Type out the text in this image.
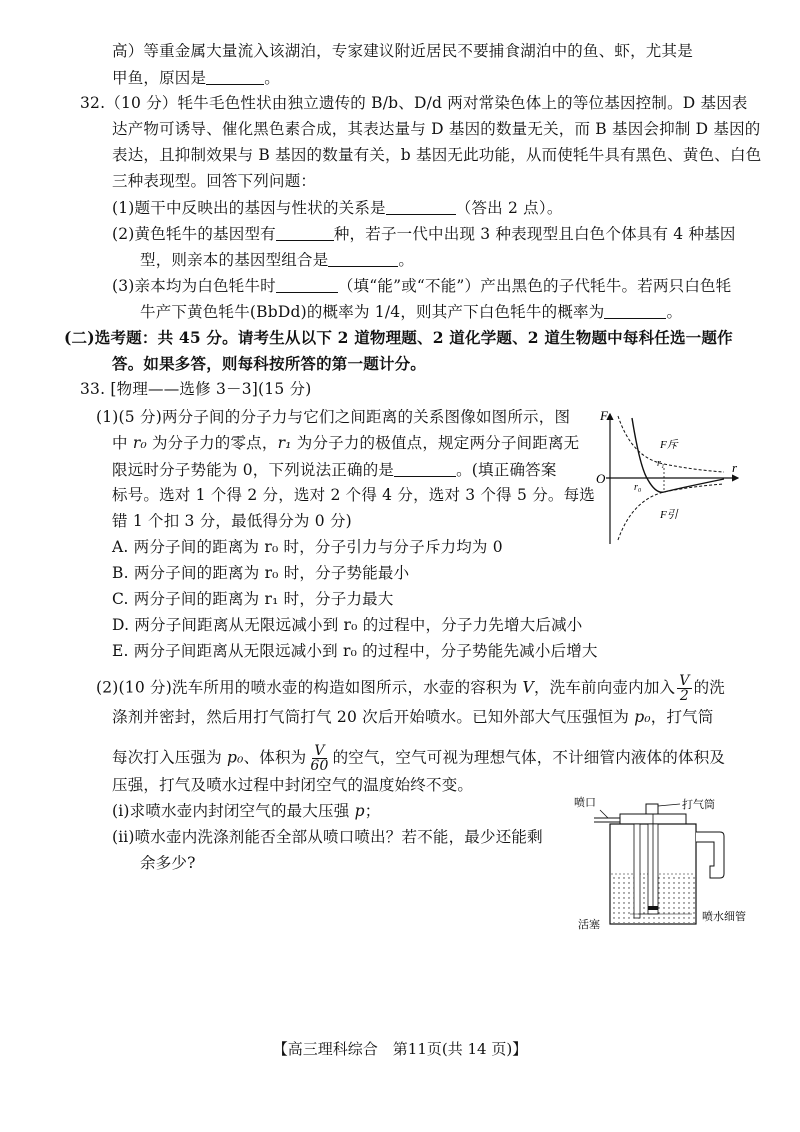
高）等重金属大量流入该湖泊，专家建议附近居民不要捕食湖泊中的鱼、虾，尤其是
甲鱼，原因是	。
32.（10 分）牦牛毛色性状由独立遗传的 B/b、D/d 两对常染色体上的等位基因控制。D 基因表
达产物可诱导、催化黑色素合成，其表达量与 D 基因的数量无关，而 B 基因会抑制 D 基因的
表达，且抑制效果与 B 基因的数量有关，b 基因无此功能，从而使牦牛具有黑色、黄色、白色
三种表现型。回答下列问题：
(1)题干中反映出的基因与性状的关系是	（答出 2 点）。
(2)黄色牦牛的基因型有	种，若子一代中出现 3 种表现型且白色个体具有 4 种基因
型，则亲本的基因型组合是	。
(3)亲本均为白色牦牛时	（填“能”或“不能”）产出黑色的子代牦牛。若两只白色牦
牛产下黄色牦牛(BbDd)的概率为 1/4，则其产下白色牦牛的概率为	。
(二)选考题：共 45 分。请考生从以下 2 道物理题、2 道化学题、2 道生物题中每科任选一题作
答。如果多答，则每科按所答的第一题计分。
33. [物理——选修 3－3](15 分)
(1)(5 分)两分子间的分子力与它们之间距离的关系图像如图所示，图
中 r₀ 为分子力的零点，r₁ 为分子力的极值点，规定两分子间距离无
限远时分子势能为 0，下列说法正确的是	。(填正确答案
标号。选对 1 个得 2 分，选对 2 个得 4 分，选对 3 个得 5 分。每选
错 1 个扣 3 分，最低得分为 0 分)
A. 两分子间的距离为 r₀ 时，分子引力与分子斥力均为 0
B. 两分子间的距离为 r₀ 时，分子势能最小
C. 两分子间的距离为 r₁ 时，分子力最大
D. 两分子间距离从无限远减小到 r₀ 的过程中，分子力先增大后减小
E. 两分子间距离从无限远减小到 r₀ 的过程中，分子势能先减小后增大
F
O
r
F斥
F引
r₀
r₁
(2)(10 分)洗车所用的喷水壶的构造如图所示，水壶的容积为 V，洗车前向壶内加入 $\frac{V}{2}$ 的洗
涤剂并密封，然后用打气筒打气 20 次后开始喷水。已知外部大气压强恒为 p₀，打气筒
每次打入压强为 p₀、体积为 $\frac{V}{60}$ 的空气，空气可视为理想气体，不计细管内液体的体积及
压强，打气及喷水过程中封闭空气的温度始终不变。
(ⅰ)求喷水壶内封闭空气的最大压强 p；
(ⅱ)喷水壶内洗涤剂能否全部从喷口喷出？若不能，最少还能剩
余多少?
喷口	打气筒
活塞
喷水细管
【高三理科综合　第11页(共 14 页)】
